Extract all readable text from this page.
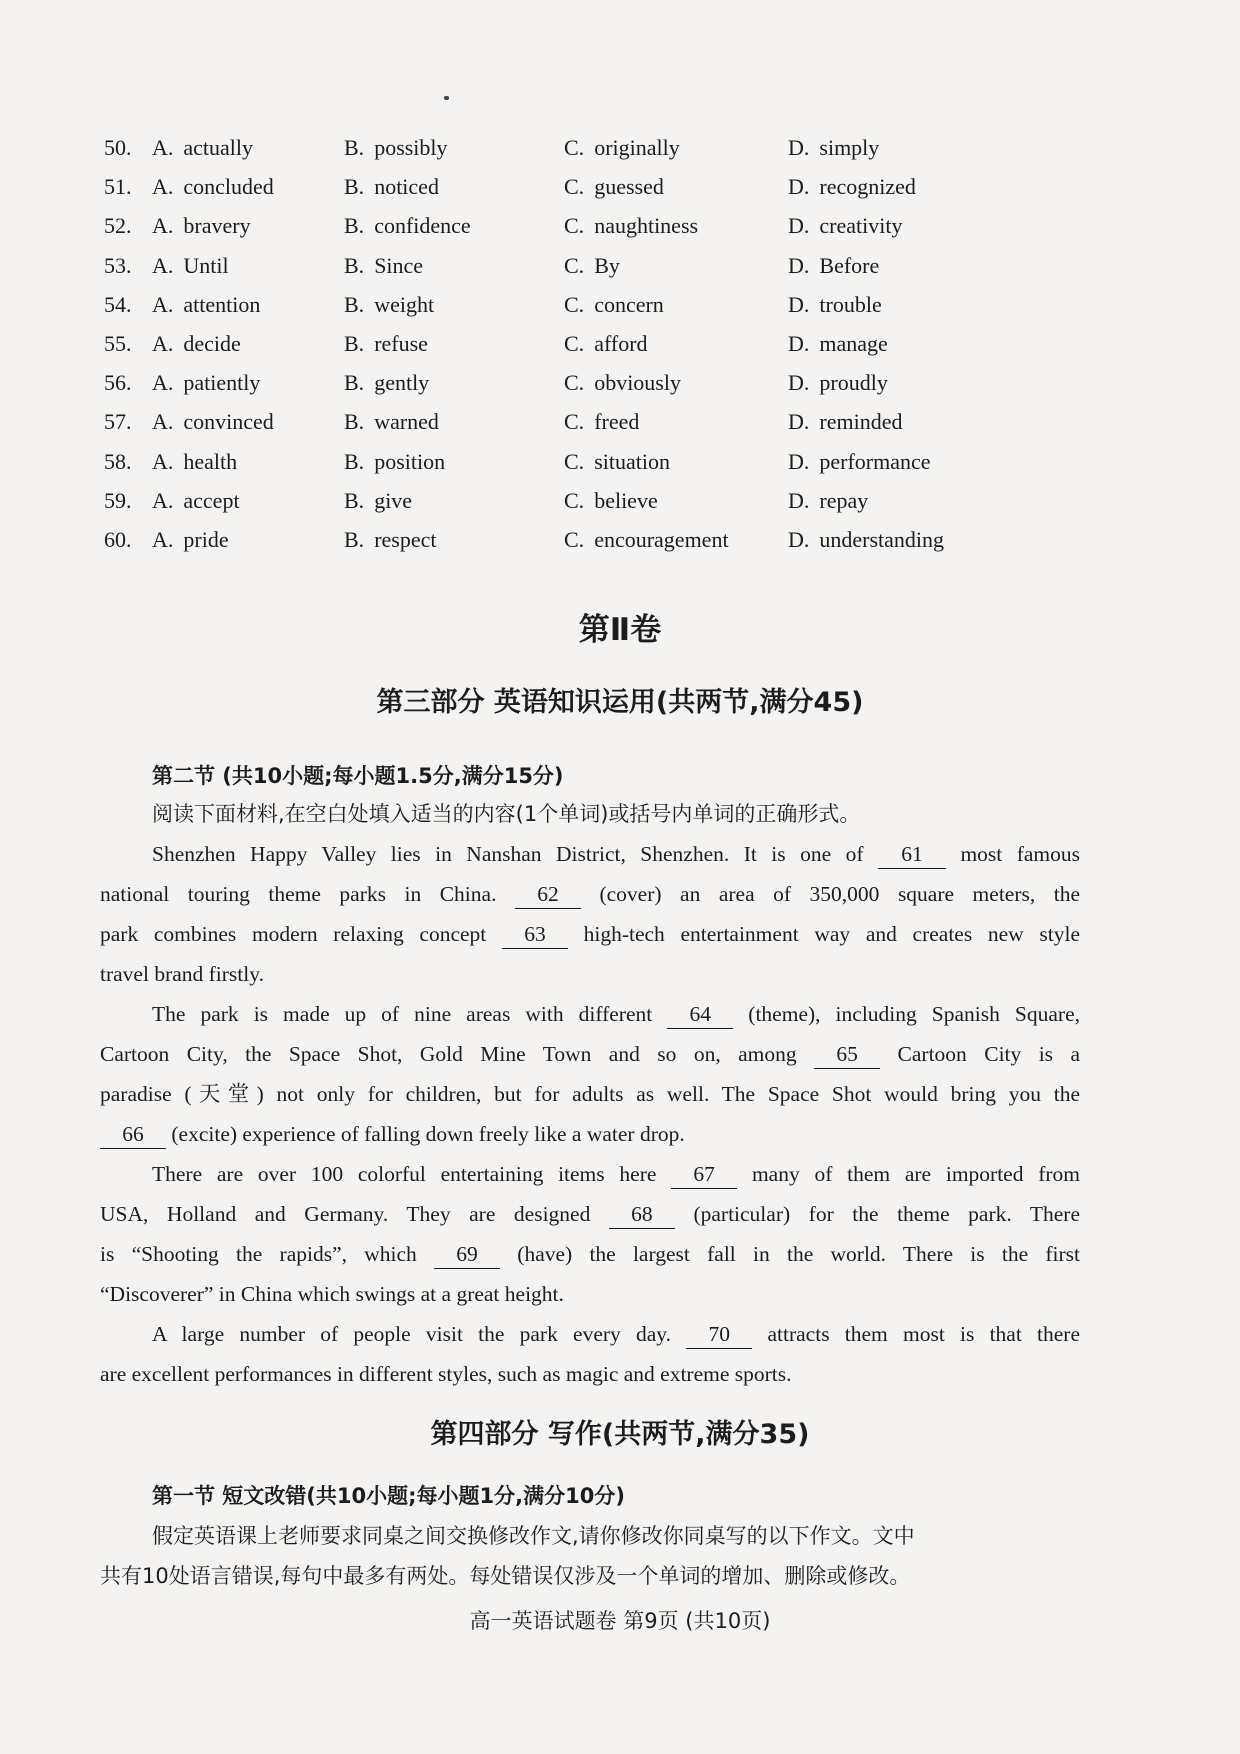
50. A. actually	B. possibly	C. originally	D. simply
51. A. concluded	B. noticed	C. guessed	D. recognized
52. A. bravery	B. confidence	C. naughtiness	D. creativity
53. A. Until	B. Since	C. By	D. Before
54. A. attention	B. weight	C. concern	D. trouble
55. A. decide	B. refuse	C. afford	D. manage
56. A. patiently	B. gently	C. obviously	D. proudly
57. A. convinced	B. warned	C. freed	D. reminded
58. A. health	B. position	C. situation	D. performance
59. A. accept	B. give	C. believe	D. repay
60. A. pride	B. respect	C. encouragement	D. understanding
第Ⅱ卷
第三部分 英语知识运用(共两节,满分45)
第二节 (共10小题;每小题1.5分,满分15分)
阅读下面材料,在空白处填入适当的内容(1个单词)或括号内单词的正确形式。
Shenzhen Happy Valley lies in Nanshan District, Shenzhen. It is one of 61 most famous
national touring theme parks in China. 62 (cover) an area of 350,000 square meters, the
park combines modern relaxing concept 63 high-tech entertainment way and creates new style
travel brand firstly.
The park is made up of nine areas with different 64 (theme), including Spanish Square,
Cartoon City, the Space Shot, Gold Mine Town and so on, among 65 Cartoon City is a
paradise (天堂) not only for children, but for adults as well. The Space Shot would bring you the
66 (excite) experience of falling down freely like a water drop.
There are over 100 colorful entertaining items here 67 many of them are imported from
USA, Holland and Germany. They are designed 68 (particular) for the theme park. There
is “Shooting the rapids”, which 69 (have) the largest fall in the world. There is the first
“Discoverer” in China which swings at a great height.
A large number of people visit the park every day. 70 attracts them most is that there
are excellent performances in different styles, such as magic and extreme sports.
第四部分 写作(共两节,满分35)
第一节 短文改错(共10小题;每小题1分,满分10分)
假定英语课上老师要求同桌之间交换修改作文,请你修改你同桌写的以下作文。文中
共有10处语言错误,每句中最多有两处。每处错误仅涉及一个单词的增加、删除或修改。
高一英语试题卷 第9页 (共10页)
